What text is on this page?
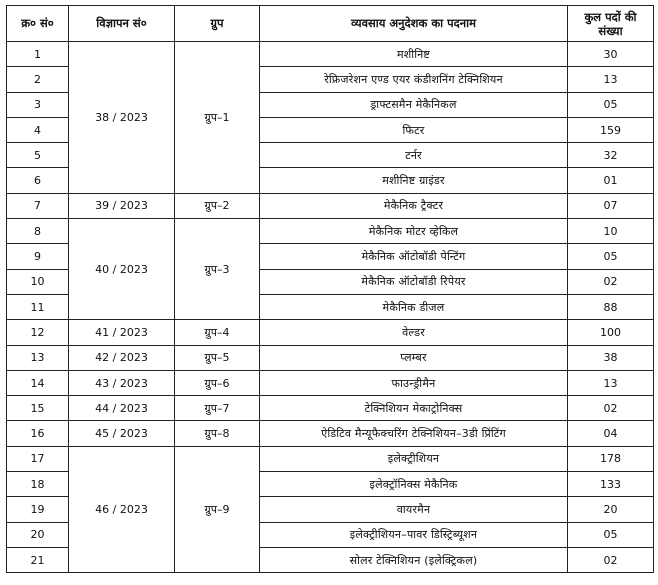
क्र० सं०	विज्ञापन सं०	ग्रुप	व्यवसाय अनुदेशक का पदनाम	कुल पदों की संख्या
1	38 / 2023	ग्रुप–1	मशीनिष्ट	30
2			रेफ्रिजरेशन एण्ड एयर कंडीशनिंग टेक्निशियन	13
3			ड्राफ्टसमैन मेकैनिकल	05
4			फिटर	159
5			टर्नर	32
6			मशीनिष्ट ग्राइंडर	01
7	39 / 2023	ग्रुप–2	मेकैनिक ट्रैक्टर	07
8	40 / 2023	ग्रुप–3	मेकैनिक मोटर व्हेकिल	10
9			मेकैनिक ऑटोबॉडी पेन्टिंग	05
10			मेकैनिक ऑटोबॉडी रिपेयर	02
11			मेकैनिक डीजल	88
12	41 / 2023	ग्रुप–4	वेल्डर	100
13	42 / 2023	ग्रुप–5	प्लम्बर	38
14	43 / 2023	ग्रुप–6	फाउन्ड्रीमैन	13
15	44 / 2023	ग्रुप–7	टेक्निशियन मेकाट्रोनिक्स	02
16	45 / 2023	ग्रुप–8	ऐडिटिव मैन्यूफैक्चरिंग टेक्निशियन–3डी प्रिंटिंग	04
17	46 / 2023	ग्रुप–9	इलेक्ट्रीशियन	178
18			इलेक्ट्रॉनिक्स मेकैनिक	133
19			वायरमैन	20
20			इलेक्ट्रीशियन–पावर डिस्ट्रिब्यूशन	05
21			सोलर टेक्निशियन (इलेक्ट्रिकल)	02
